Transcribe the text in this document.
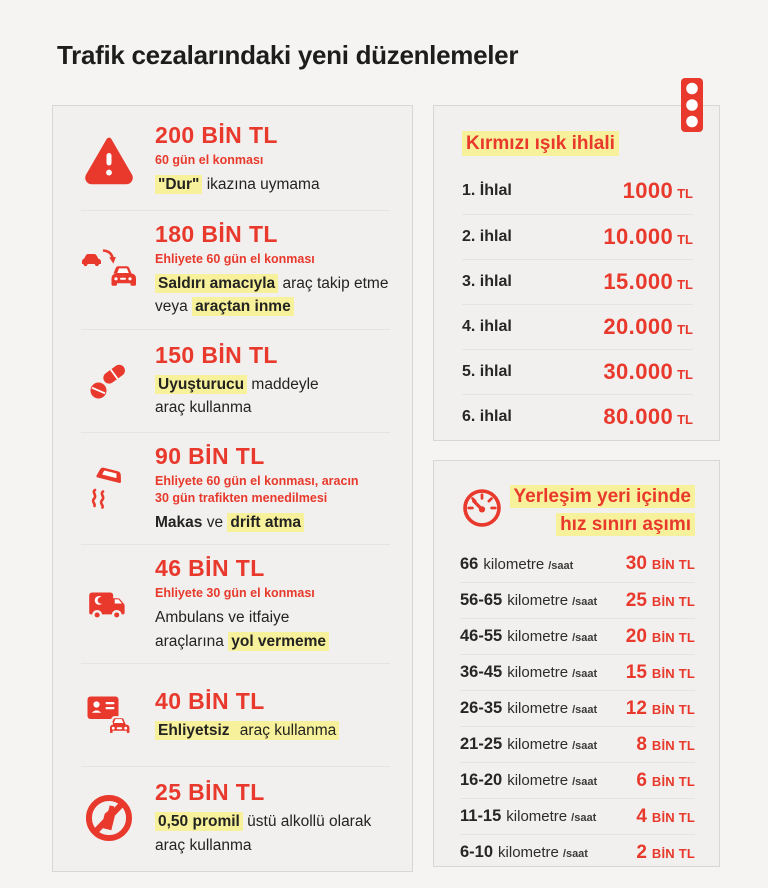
Trafik cezalarındaki yeni düzenlemeler
200 BİN TL
60 gün el konması
"Dur" ikazına uymama
180 BİN TL
Ehliyete 60 gün el konması
Saldırı amacıyla araç takip etme
veya araçtan inme
150 BİN TL
Uyuşturucu maddeyle
araç kullanma
90 BİN TL
Ehliyete 60 gün el konması, aracın
30 gün trafikten menedilmesi
Makas ve drift atma
46 BİN TL
Ehliyete 30 gün el konması
Ambulans ve itfaiye
araçlarına yol vermeme
40 BİN TL
Ehliyetsiz araç kullanma
25 BİN TL
0,50 promil üstü alkollü olarak
araç kullanma
Kırmızı ışık ihlali
1. İhlal	1000 TL
2. ihlal	10.000 TL
3. ihlal	15.000 TL
4. ihlal	20.000 TL
5. ihlal	30.000 TL
6. ihlal	80.000 TL
Yerleşim yeri içinde
hız sınırı aşımı
66 kilometre /saat	30 BİN TL
56-65 kilometre /saat 25 BİN TL
46-55 kilometre /saat 20 BİN TL
36-45 kilometre /saat 15 BİN TL
26-35 kilometre /saat 12 BİN TL
21-25 kilometre /saat 8 BİN TL
16-20 kilometre /saat 6 BİN TL
11-15 kilometre /saat 4 BİN TL
6-10 kilometre /saat	2 BİN TL
